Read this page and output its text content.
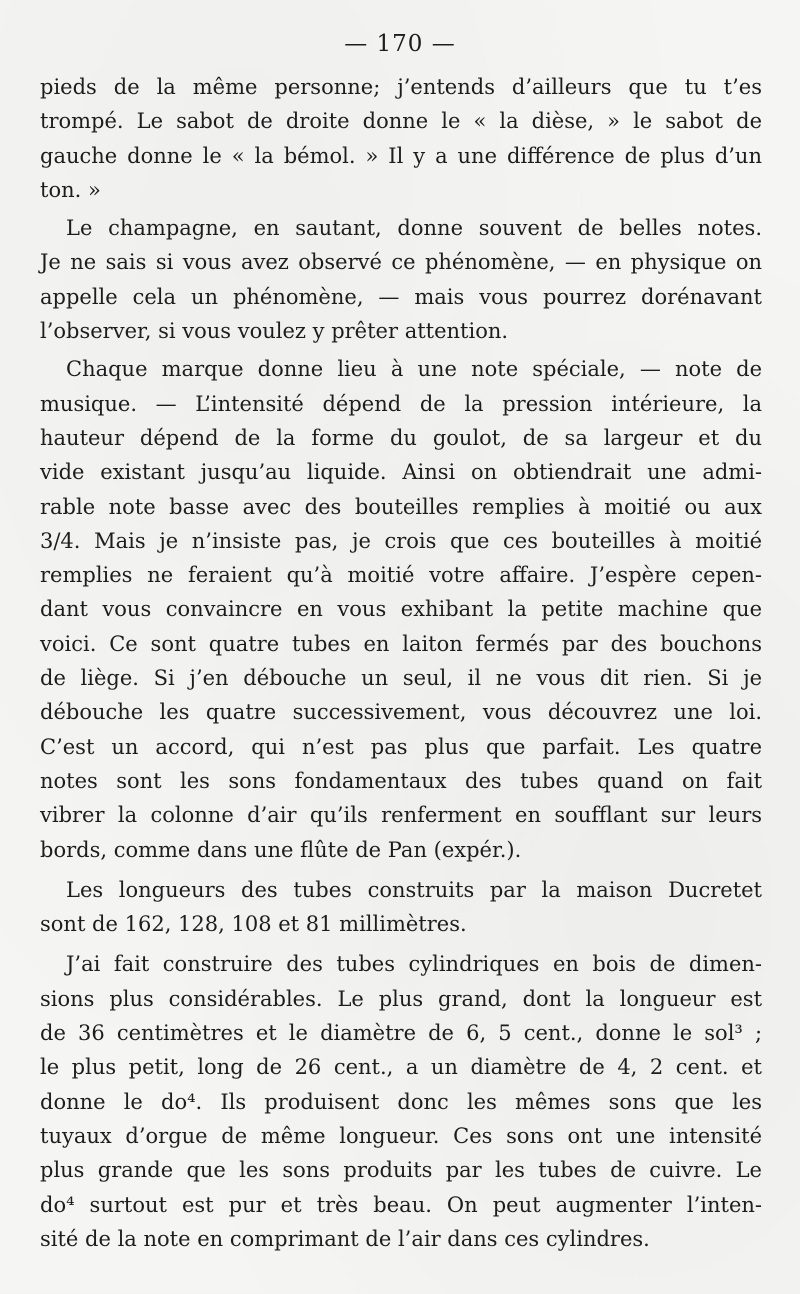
— 170 —

pieds de la même personne; j’entends d’ailleurs que tu t’es
trompé. Le sabot de droite donne le « la dièse, » le sabot de
gauche donne le « la bémol. » Il y a une différence de plus d’un
ton. »

Le champagne, en sautant, donne souvent de belles notes.
Je ne sais si vous avez observé ce phénomène, — en physique on
appelle cela un phénomène, — mais vous pourrez dorénavant
l’observer, si vous voulez y prêter attention.

Chaque marque donne lieu à une note spéciale, — note de
musique. — L’intensité dépend de la pression intérieure, la
hauteur dépend de la forme du goulot, de sa largeur et du
vide existant jusqu’au liquide. Ainsi on obtiendrait une admi-
rable note basse avec des bouteilles remplies à moitié ou aux
3/4. Mais je n’insiste pas, je crois que ces bouteilles à moitié
remplies ne feraient qu’à moitié votre affaire. J’espère cepen-
dant vous convaincre en vous exhibant la petite machine que
voici. Ce sont quatre tubes en laiton fermés par des bouchons
de liège. Si j’en débouche un seul, il ne vous dit rien. Si je
débouche les quatre successivement, vous découvrez une loi.
C’est un accord, qui n’est pas plus que parfait. Les quatre
notes sont les sons fondamentaux des tubes quand on fait
vibrer la colonne d’air qu’ils renferment en soufflant sur leurs
bords, comme dans une flûte de Pan (expér.).

Les longueurs des tubes construits par la maison Ducretet
sont de 162, 128, 108 et 81 millimètres.

J’ai fait construire des tubes cylindriques en bois de dimen-
sions plus considérables. Le plus grand, dont la longueur est
de 36 centimètres et le diamètre de 6, 5 cent., donne le sol³ ;
le plus petit, long de 26 cent., a un diamètre de 4, 2 cent. et
donne le do⁴. Ils produisent donc les mêmes sons que les
tuyaux d’orgue de même longueur. Ces sons ont une intensité
plus grande que les sons produits par les tubes de cuivre. Le
do⁴ surtout est pur et très beau. On peut augmenter l’inten-
sité de la note en comprimant de l’air dans ces cylindres.
